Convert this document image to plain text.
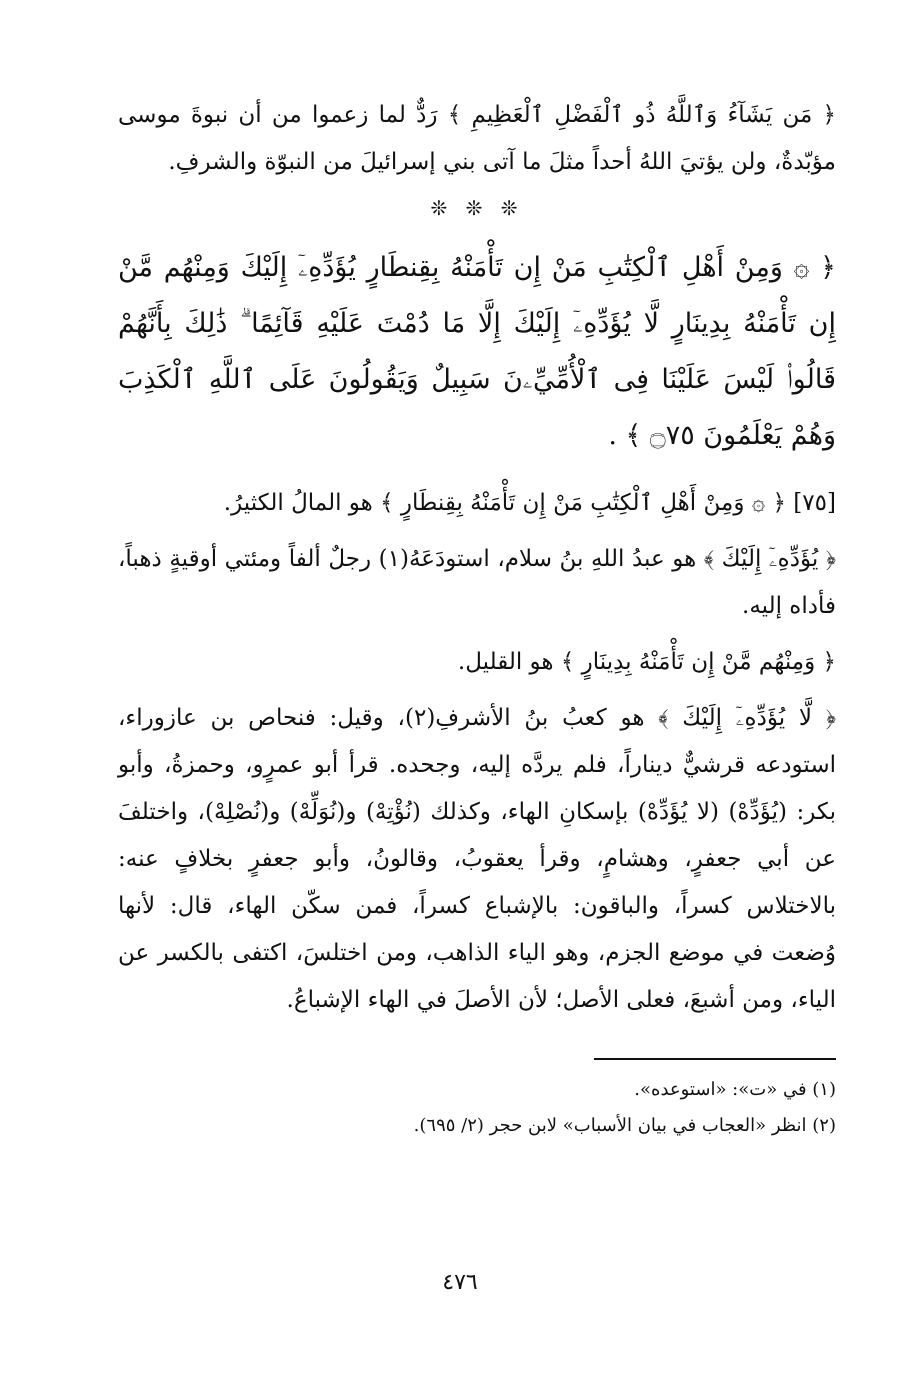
﴿ مَن يَشَآءُ وَٱللَّهُ ذُو ٱلْفَضْلِ ٱلْعَظِيمِ ﴾ رَدٌّ لما زعموا من أن نبوةَ موسى مؤبّدةٌ، ولن يؤتيَ اللهُ أحداً مثلَ ما آتى بني إسرائيلَ من النبوّة والشرفِ.

❊ ❊ ❊

﴿ ۞ وَمِنْ أَهْلِ ٱلْكِتَٰبِ مَنْ إِن تَأْمَنْهُ بِقِنطَارٍ يُؤَدِّهِۦٓ إِلَيْكَ وَمِنْهُم مَّنْ إِن تَأْمَنْهُ بِدِينَارٍ لَّا يُؤَدِّهِۦٓ إِلَيْكَ إِلَّا مَا دُمْتَ عَلَيْهِ قَآئِمًا ۗ ذَٰلِكَ بِأَنَّهُمْ قَالُوا۟ لَيْسَ عَلَيْنَا فِى ٱلْأُمِّيِّۦنَ سَبِيلٌ وَيَقُولُونَ عَلَى ٱللَّهِ ٱلْكَذِبَ وَهُمْ يَعْلَمُونَ ۝٧٥ ﴾ .

[٧٥] ﴿ ۞ وَمِنْ أَهْلِ ٱلْكِتَٰبِ مَنْ إِن تَأْمَنْهُ بِقِنطَارٍ ﴾ هو المالُ الكثيرُ.

﴿ يُؤَدِّهِۦٓ إِلَيْكَ ﴾ هو عبدُ اللهِ بنُ سلام، استودَعَهُ(١) رجلٌ ألفاً ومئتي أوقيةٍ ذهباً، فأداه إليه.

﴿ وَمِنْهُم مَّنْ إِن تَأْمَنْهُ بِدِينَارٍ ﴾ هو القليل.

﴿ لَّا يُؤَدِّهِۦٓ إِلَيْكَ ﴾ هو كعبُ بنُ الأشرفِ(٢)، وقيل: فنحاص بن عازوراء، استودعه قرشيٌّ ديناراً، فلم يردَّه إليه، وجحده. قرأ أبو عمرٍو، وحمزةُ، وأبو بكر: (يُؤَدِّهْ) (لا يُؤَدِّهْ) بإسكانِ الهاء، وكذلك (نُؤْتِهْ) و(نُوَلِّهْ) و(نُصْلِهْ)، واختلفَ عن أبي جعفرٍ، وهشامٍ، وقرأ يعقوبُ، وقالونُ، وأبو جعفرٍ بخلافٍ عنه: بالاختلاس كسراً، والباقون: بالإشباع كسراً، فمن سكّن الهاء، قال: لأنها وُضعت في موضع الجزم، وهو الياء الذاهب، ومن اختلسَ، اكتفى بالكسر عن الياء، ومن أشبعَ، فعلى الأصل؛ لأن الأصلَ في الهاء الإشباعُ.

(١) في «ت»: «استوعده».

(٢) انظر «العجاب في بيان الأسباب» لابن حجر (٢/ ٦٩٥).

٤٧٦
